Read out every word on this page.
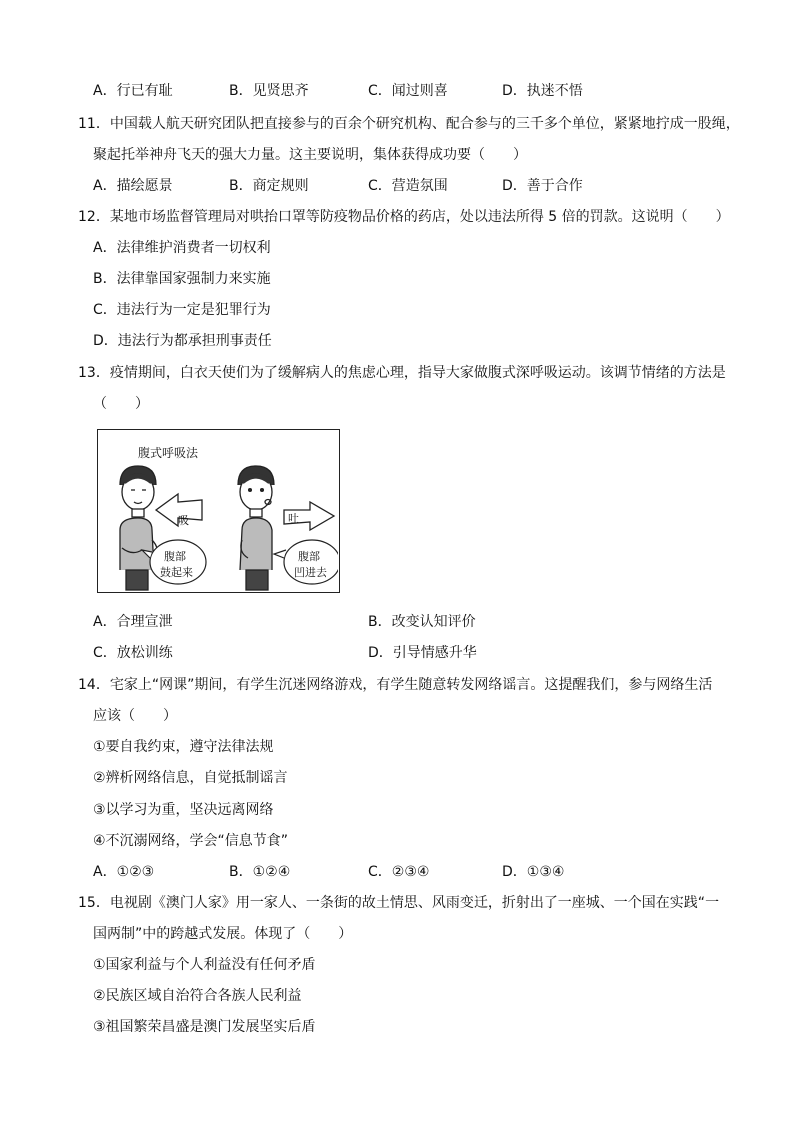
A．行已有耻	B．见贤思齐	C．闻过则喜	D．执迷不悟
11．中国载人航天研究团队把直接参与的百余个研究机构、配合参与的三千多个单位，紧紧地拧成一股绳，
聚起托举神舟飞天的强大力量。这主要说明，集体获得成功要（　　）
A．描绘愿景	B．商定规则	C．营造氛围	D．善于合作
12．某地市场监督管理局对哄抬口罩等防疫物品价格的药店，处以违法所得 5 倍的罚款。这说明（　　）
A．法律维护消费者一切权利
B．法律靠国家强制力来实施
C．违法行为一定是犯罪行为
D．违法行为都承担刑事责任
13．疫情期间，白衣天使们为了缓解病人的焦虑心理，指导大家做腹式深呼吸运动。该调节情绪的方法是
（　　）
腹式呼吸法
吸	吐
腹部
鼓起来
腹部
凹进去
A．合理宣泄	B．改变认知评价
C．放松训练	D．引导情感升华
14．宅家上“网课”期间，有学生沉迷网络游戏，有学生随意转发网络谣言。这提醒我们，参与网络生活
应该（　　）
①要自我约束，遵守法律法规
②辨析网络信息，自觉抵制谣言
③以学习为重，坚决远离网络
④不沉溺网络，学会“信息节食”
A．①②③	B．①②④	C．②③④	D．①③④
15．电视剧《澳门人家》用一家人、一条街的故土情思、风雨变迁，折射出了一座城、一个国在实践“一
国两制”中的跨越式发展。体现了（　　）
①国家利益与个人利益没有任何矛盾
②民族区域自治符合各族人民利益
③祖国繁荣昌盛是澳门发展坚实后盾
